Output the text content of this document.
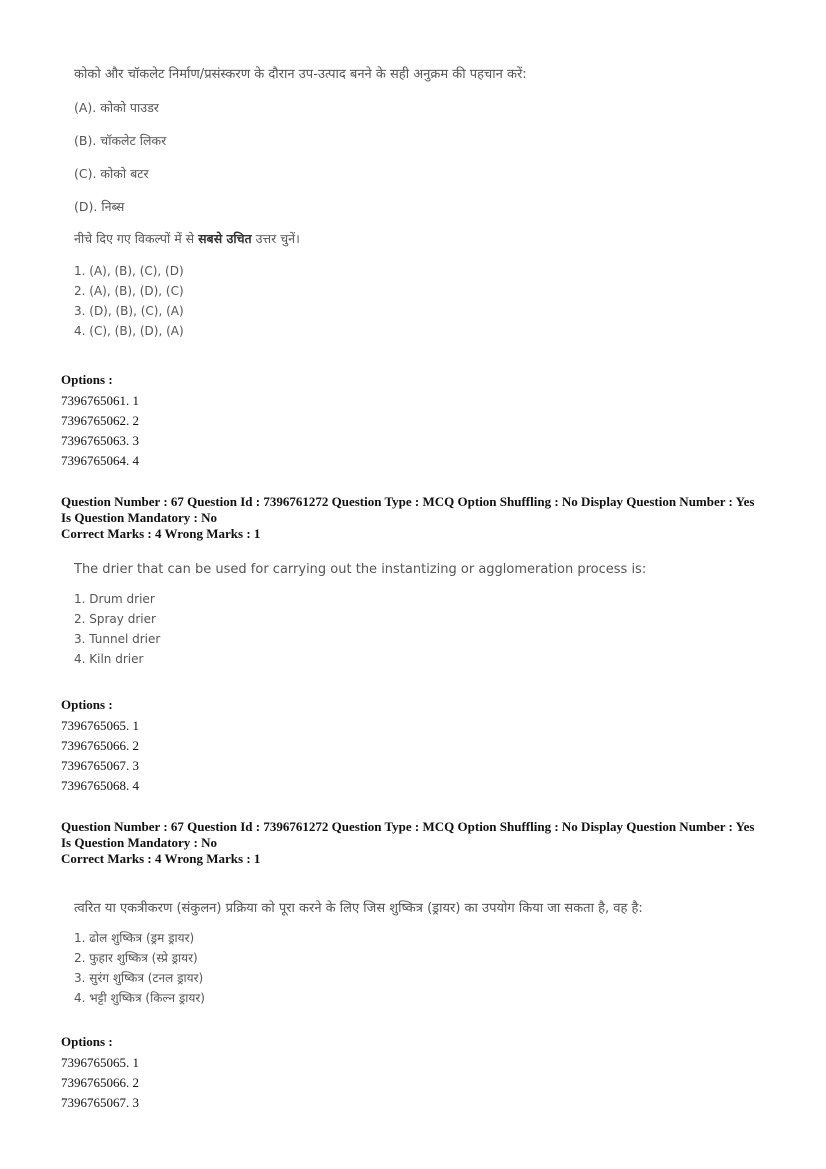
कोको और चॉकलेट निर्माण/प्रसंस्करण के दौरान उप-उत्पाद बनने के सही अनुक्रम की पहचान करें:
(A). कोको पाउडर
(B). चॉकलेट लिकर
(C). कोको बटर
(D). निब्स
नीचे दिए गए विकल्पों में से सबसे उचित उत्तर चुनें।
1. (A), (B), (C), (D)
2. (A), (B), (D), (C)
3. (D), (B), (C), (A)
4. (C), (B), (D), (A)
Options :
7396765061. 1
7396765062. 2
7396765063. 3
7396765064. 4
Question Number : 67 Question Id : 7396761272 Question Type : MCQ Option Shuffling : No Display Question Number : Yes
Is Question Mandatory : No
Correct Marks : 4 Wrong Marks : 1
The drier that can be used for carrying out the instantizing or agglomeration process is:
1. Drum drier
2. Spray drier
3. Tunnel drier
4. Kiln drier
Options :
7396765065. 1
7396765066. 2
7396765067. 3
7396765068. 4
Question Number : 67 Question Id : 7396761272 Question Type : MCQ Option Shuffling : No Display Question Number : Yes
Is Question Mandatory : No
Correct Marks : 4 Wrong Marks : 1
त्वरित या एकत्रीकरण (संकुलन) प्रक्रिया को पूरा करने के लिए जिस शुष्कित्र (ड्रायर) का उपयोग किया जा सकता है, वह है:
1. ढोल शुष्कित्र (ड्रम ड्रायर)
2. फुहार शुष्कित्र (स्प्रे ड्रायर)
3. सुरंग शुष्कित्र (टनल ड्रायर)
4. भट्टी शुष्कित्र (किल्न ड्रायर)
Options :
7396765065. 1
7396765066. 2
7396765067. 3
